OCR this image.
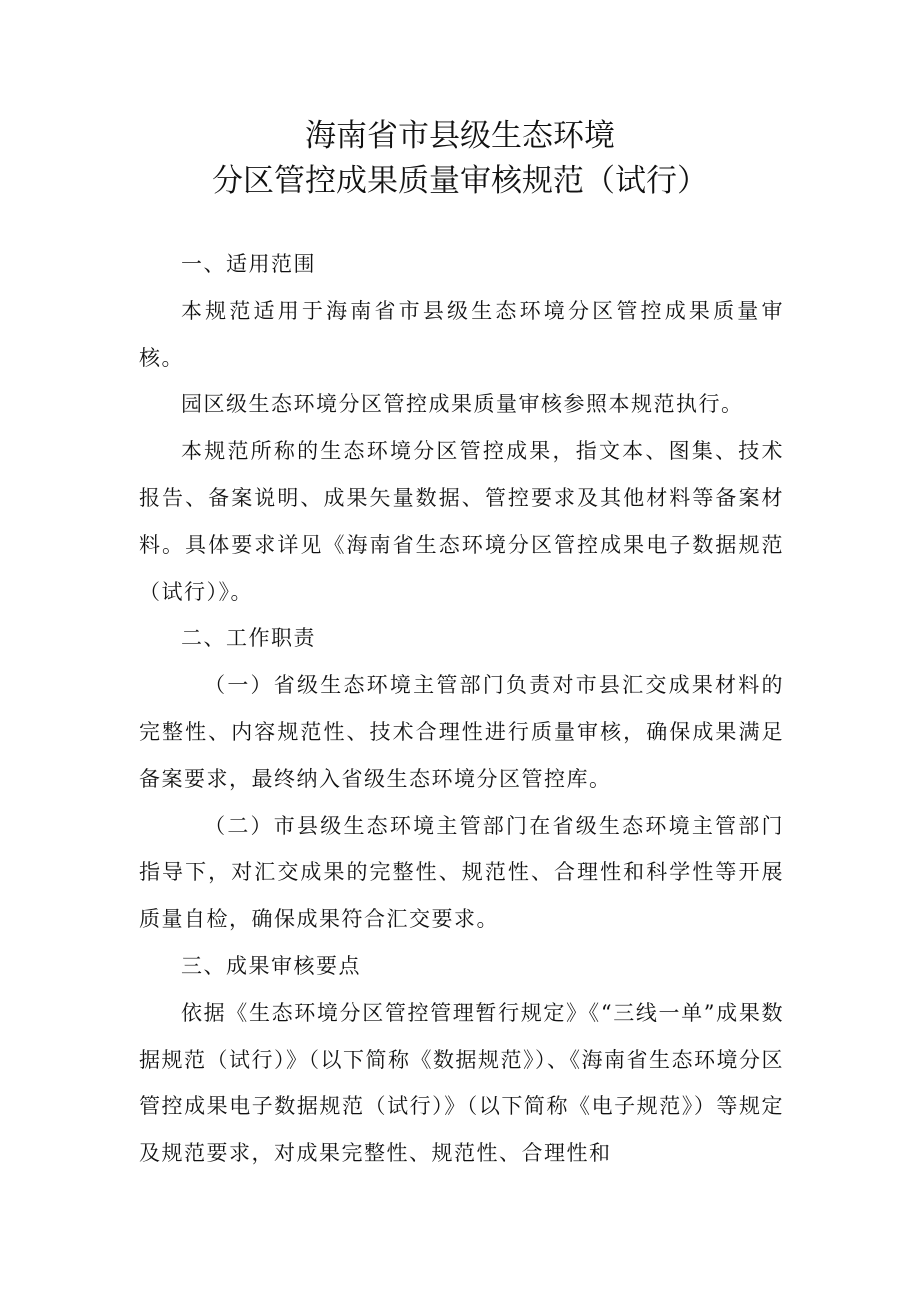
海南省市县级生态环境
分区管控成果质量审核规范（试行）

一、适用范围

本规范适用于海南省市县级生态环境分区管控成果质量审核。

园区级生态环境分区管控成果质量审核参照本规范执行。

本规范所称的生态环境分区管控成果，指文本、图集、技术报告、备案说明、成果矢量数据、管控要求及其他材料等备案材料。具体要求详见《海南省生态环境分区管控成果电子数据规范（试行）》。

二、工作职责

（一）省级生态环境主管部门负责对市县汇交成果材料的完整性、内容规范性、技术合理性进行质量审核，确保成果满足备案要求，最终纳入省级生态环境分区管控库。

（二）市县级生态环境主管部门在省级生态环境主管部门指导下，对汇交成果的完整性、规范性、合理性和科学性等开展质量自检，确保成果符合汇交要求。

三、成果审核要点

依据《生态环境分区管控管理暂行规定》《“三线一单”成果数据规范（试行）》（以下简称《数据规范》）、《海南省生态环境分区管控成果电子数据规范（试行）》（以下简称《电子规范》）等规定及规范要求，对成果完整性、规范性、合理性和
